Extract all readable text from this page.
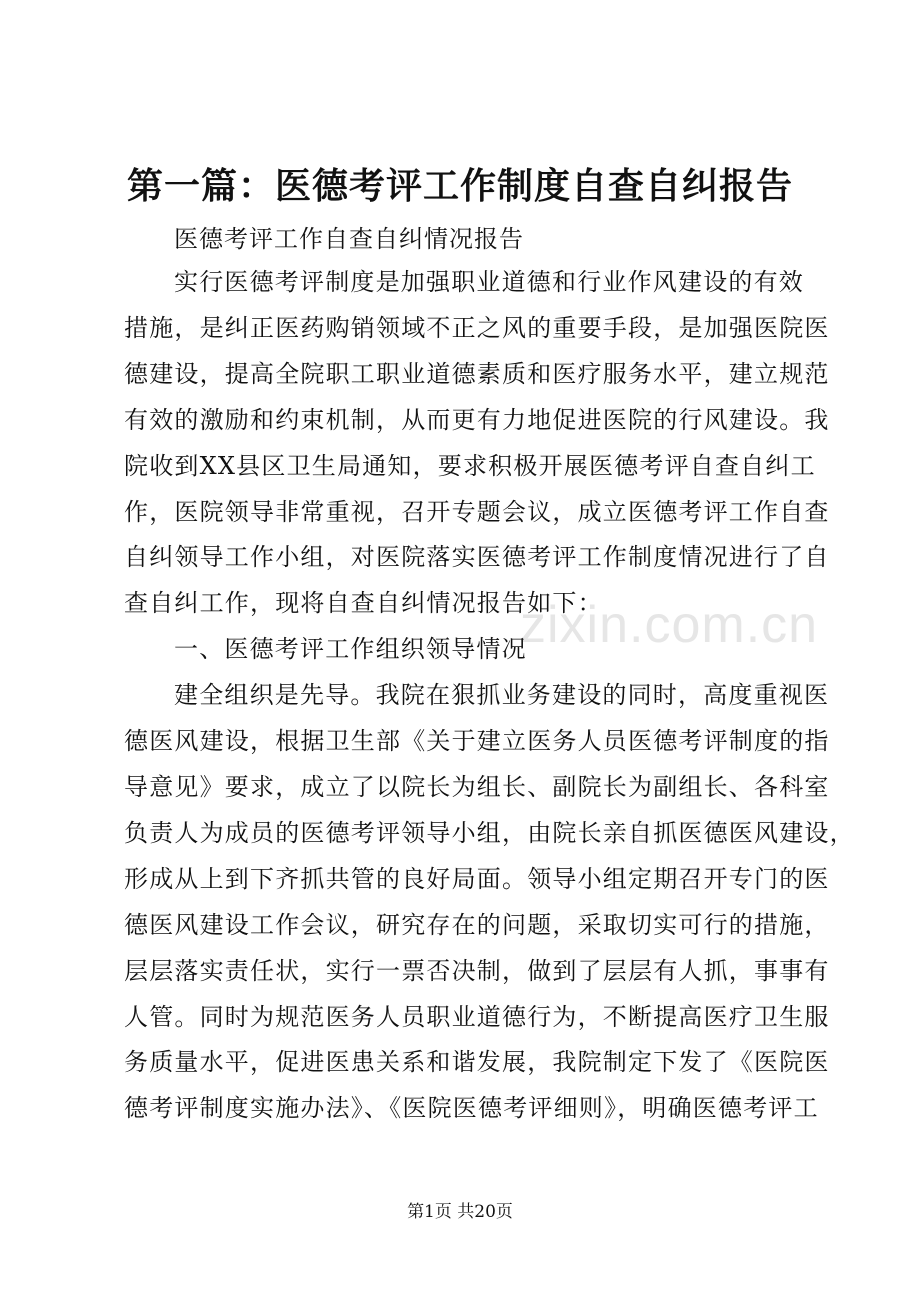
zixin.com.cn
第一篇：医德考评工作制度自查自纠报告
医德考评工作自查自纠情况报告
实行医德考评制度是加强职业道德和行业作风建设的有效
措施，是纠正医药购销领域不正之风的重要手段，是加强医院医
德建设，提高全院职工职业道德素质和医疗服务水平，建立规范
有效的激励和约束机制，从而更有力地促进医院的行风建设。我
院收到XX县区卫生局通知，要求积极开展医德考评自查自纠工
作，医院领导非常重视，召开专题会议，成立医德考评工作自查
自纠领导工作小组，对医院落实医德考评工作制度情况进行了自
查自纠工作，现将自查自纠情况报告如下：
一、医德考评工作组织领导情况
建全组织是先导。我院在狠抓业务建设的同时，高度重视医
德医风建设，根据卫生部《关于建立医务人员医德考评制度的指
导意见》要求，成立了以院长为组长、副院长为副组长、各科室
负责人为成员的医德考评领导小组，由院长亲自抓医德医风建设，
形成从上到下齐抓共管的良好局面。领导小组定期召开专门的医
德医风建设工作会议，研究存在的问题，采取切实可行的措施，
层层落实责任状，实行一票否决制，做到了层层有人抓，事事有
人管。同时为规范医务人员职业道德行为，不断提高医疗卫生服
务质量水平，促进医患关系和谐发展，我院制定下发了《医院医
德考评制度实施办法》、《医院医德考评细则》，明确医德考评工
第1页 共20页
